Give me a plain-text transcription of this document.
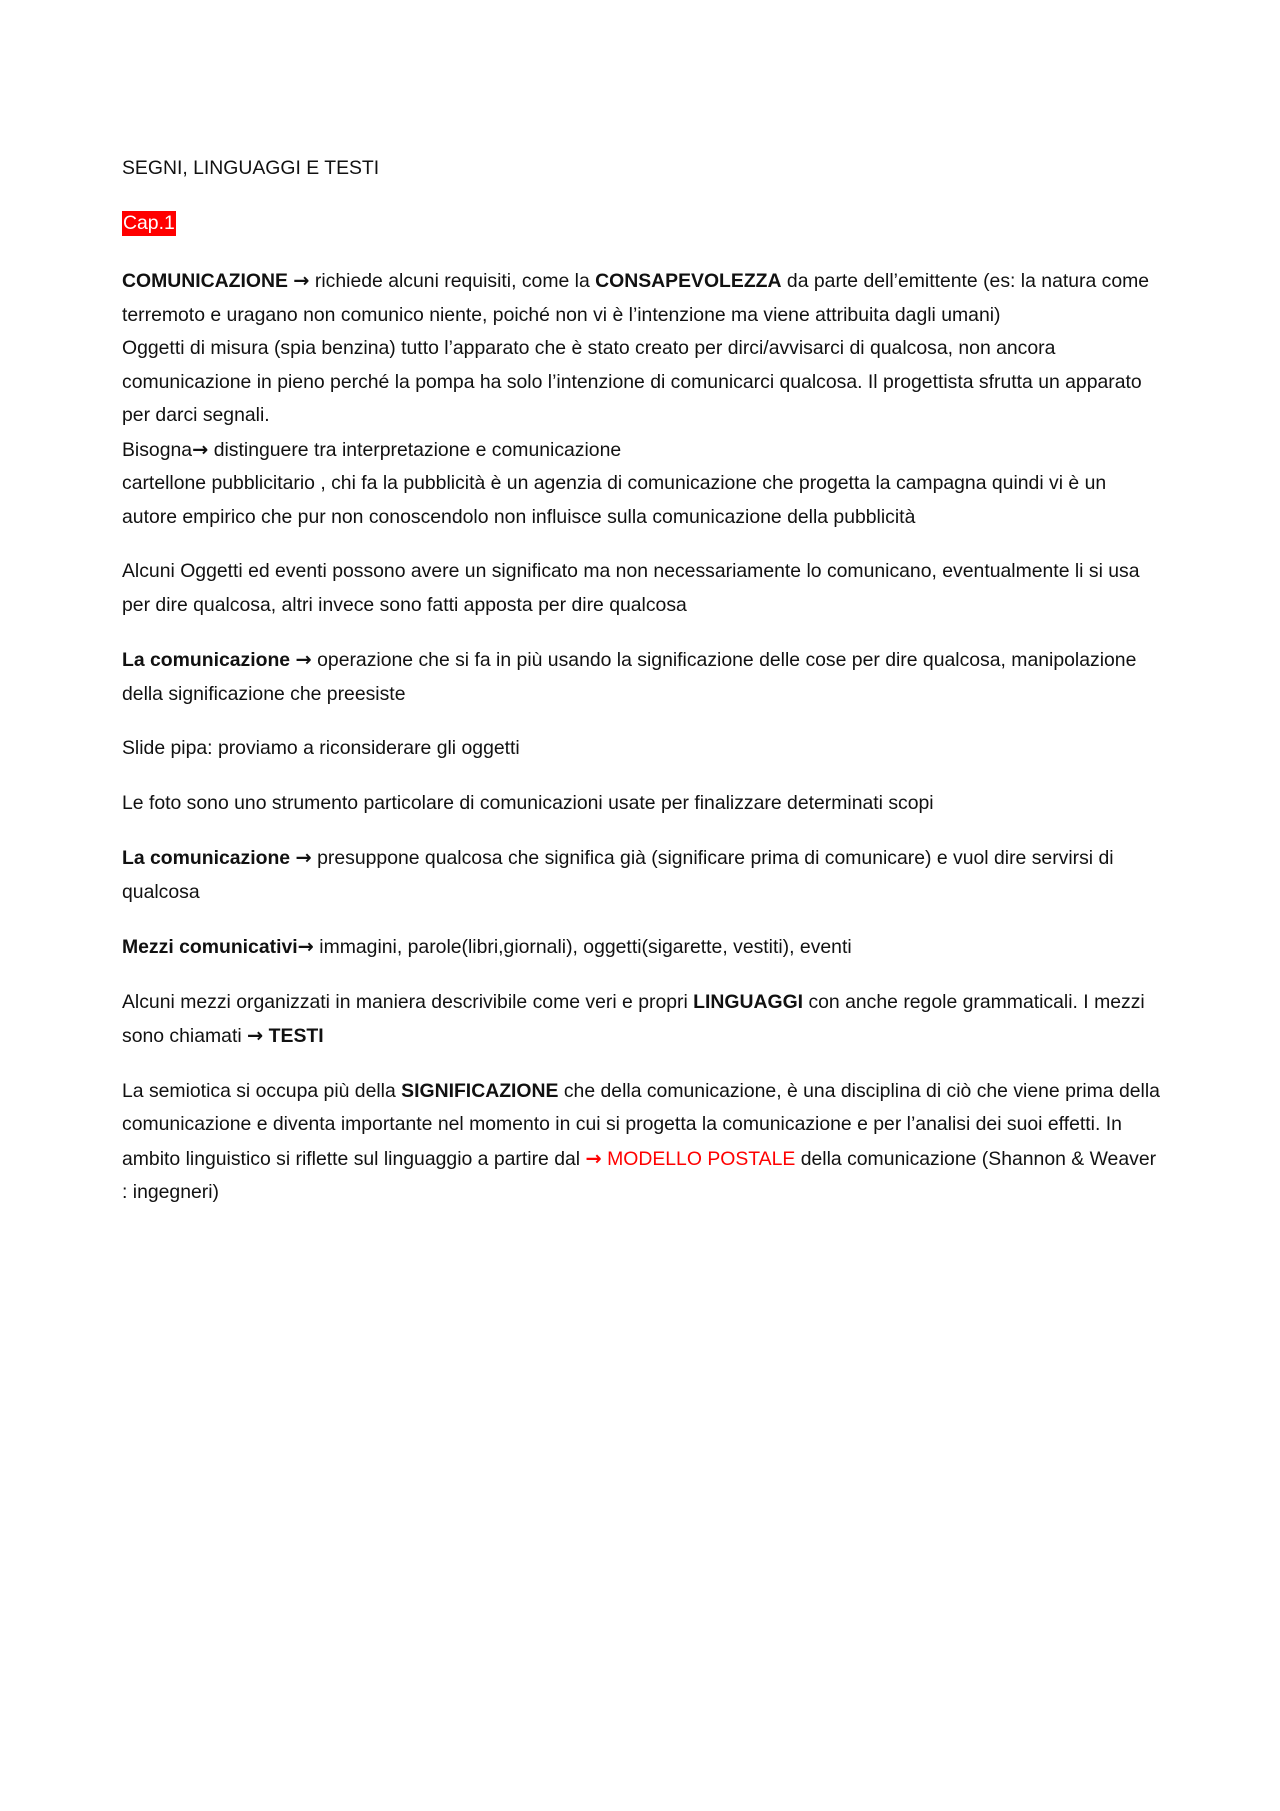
SEGNI, LINGUAGGI E TESTI

Cap.1

COMUNICAZIONE → richiede alcuni requisiti, come la CONSAPEVOLEZZA da parte dell’emittente (es: la natura come terremoto e uragano non comunico niente, poiché non vi è l’intenzione ma viene attribuita dagli umani)

Oggetti di misura (spia benzina) tutto l’apparato che è stato creato per dirci/avvisarci di qualcosa, non ancora comunicazione in pieno perché la pompa ha solo l’intenzione di comunicarci qualcosa. Il progettista sfrutta un apparato per darci segnali.

Bisogna→ distinguere tra interpretazione e comunicazione

cartellone pubblicitario , chi fa la pubblicità è un agenzia di comunicazione che progetta la campagna quindi vi è un autore empirico che pur non conoscendolo non influisce sulla comunicazione della pubblicità

Alcuni Oggetti ed eventi possono avere un significato ma non necessariamente lo comunicano, eventualmente li si usa per dire qualcosa, altri invece sono fatti apposta per dire qualcosa

La comunicazione → operazione che si fa in più usando la significazione delle cose per dire qualcosa, manipolazione della significazione che preesiste

Slide pipa: proviamo a riconsiderare gli oggetti

Le foto sono uno strumento particolare di comunicazioni usate per finalizzare determinati scopi

La comunicazione → presuppone qualcosa che significa già (significare prima di comunicare) e vuol dire servirsi di qualcosa

Mezzi comunicativi→ immagini, parole(libri,giornali), oggetti(sigarette, vestiti), eventi

Alcuni mezzi organizzati in maniera descrivibile come veri e propri LINGUAGGI con anche regole grammaticali. I mezzi sono chiamati → TESTI

La semiotica si occupa più della SIGNIFICAZIONE che della comunicazione, è una disciplina di ciò che viene prima della comunicazione e diventa importante nel momento in cui si progetta la comunicazione e per l’analisi dei suoi effetti. In ambito linguistico si riflette sul linguaggio a partire dal → MODELLO POSTALE della comunicazione (Shannon & Weaver : ingegneri)
